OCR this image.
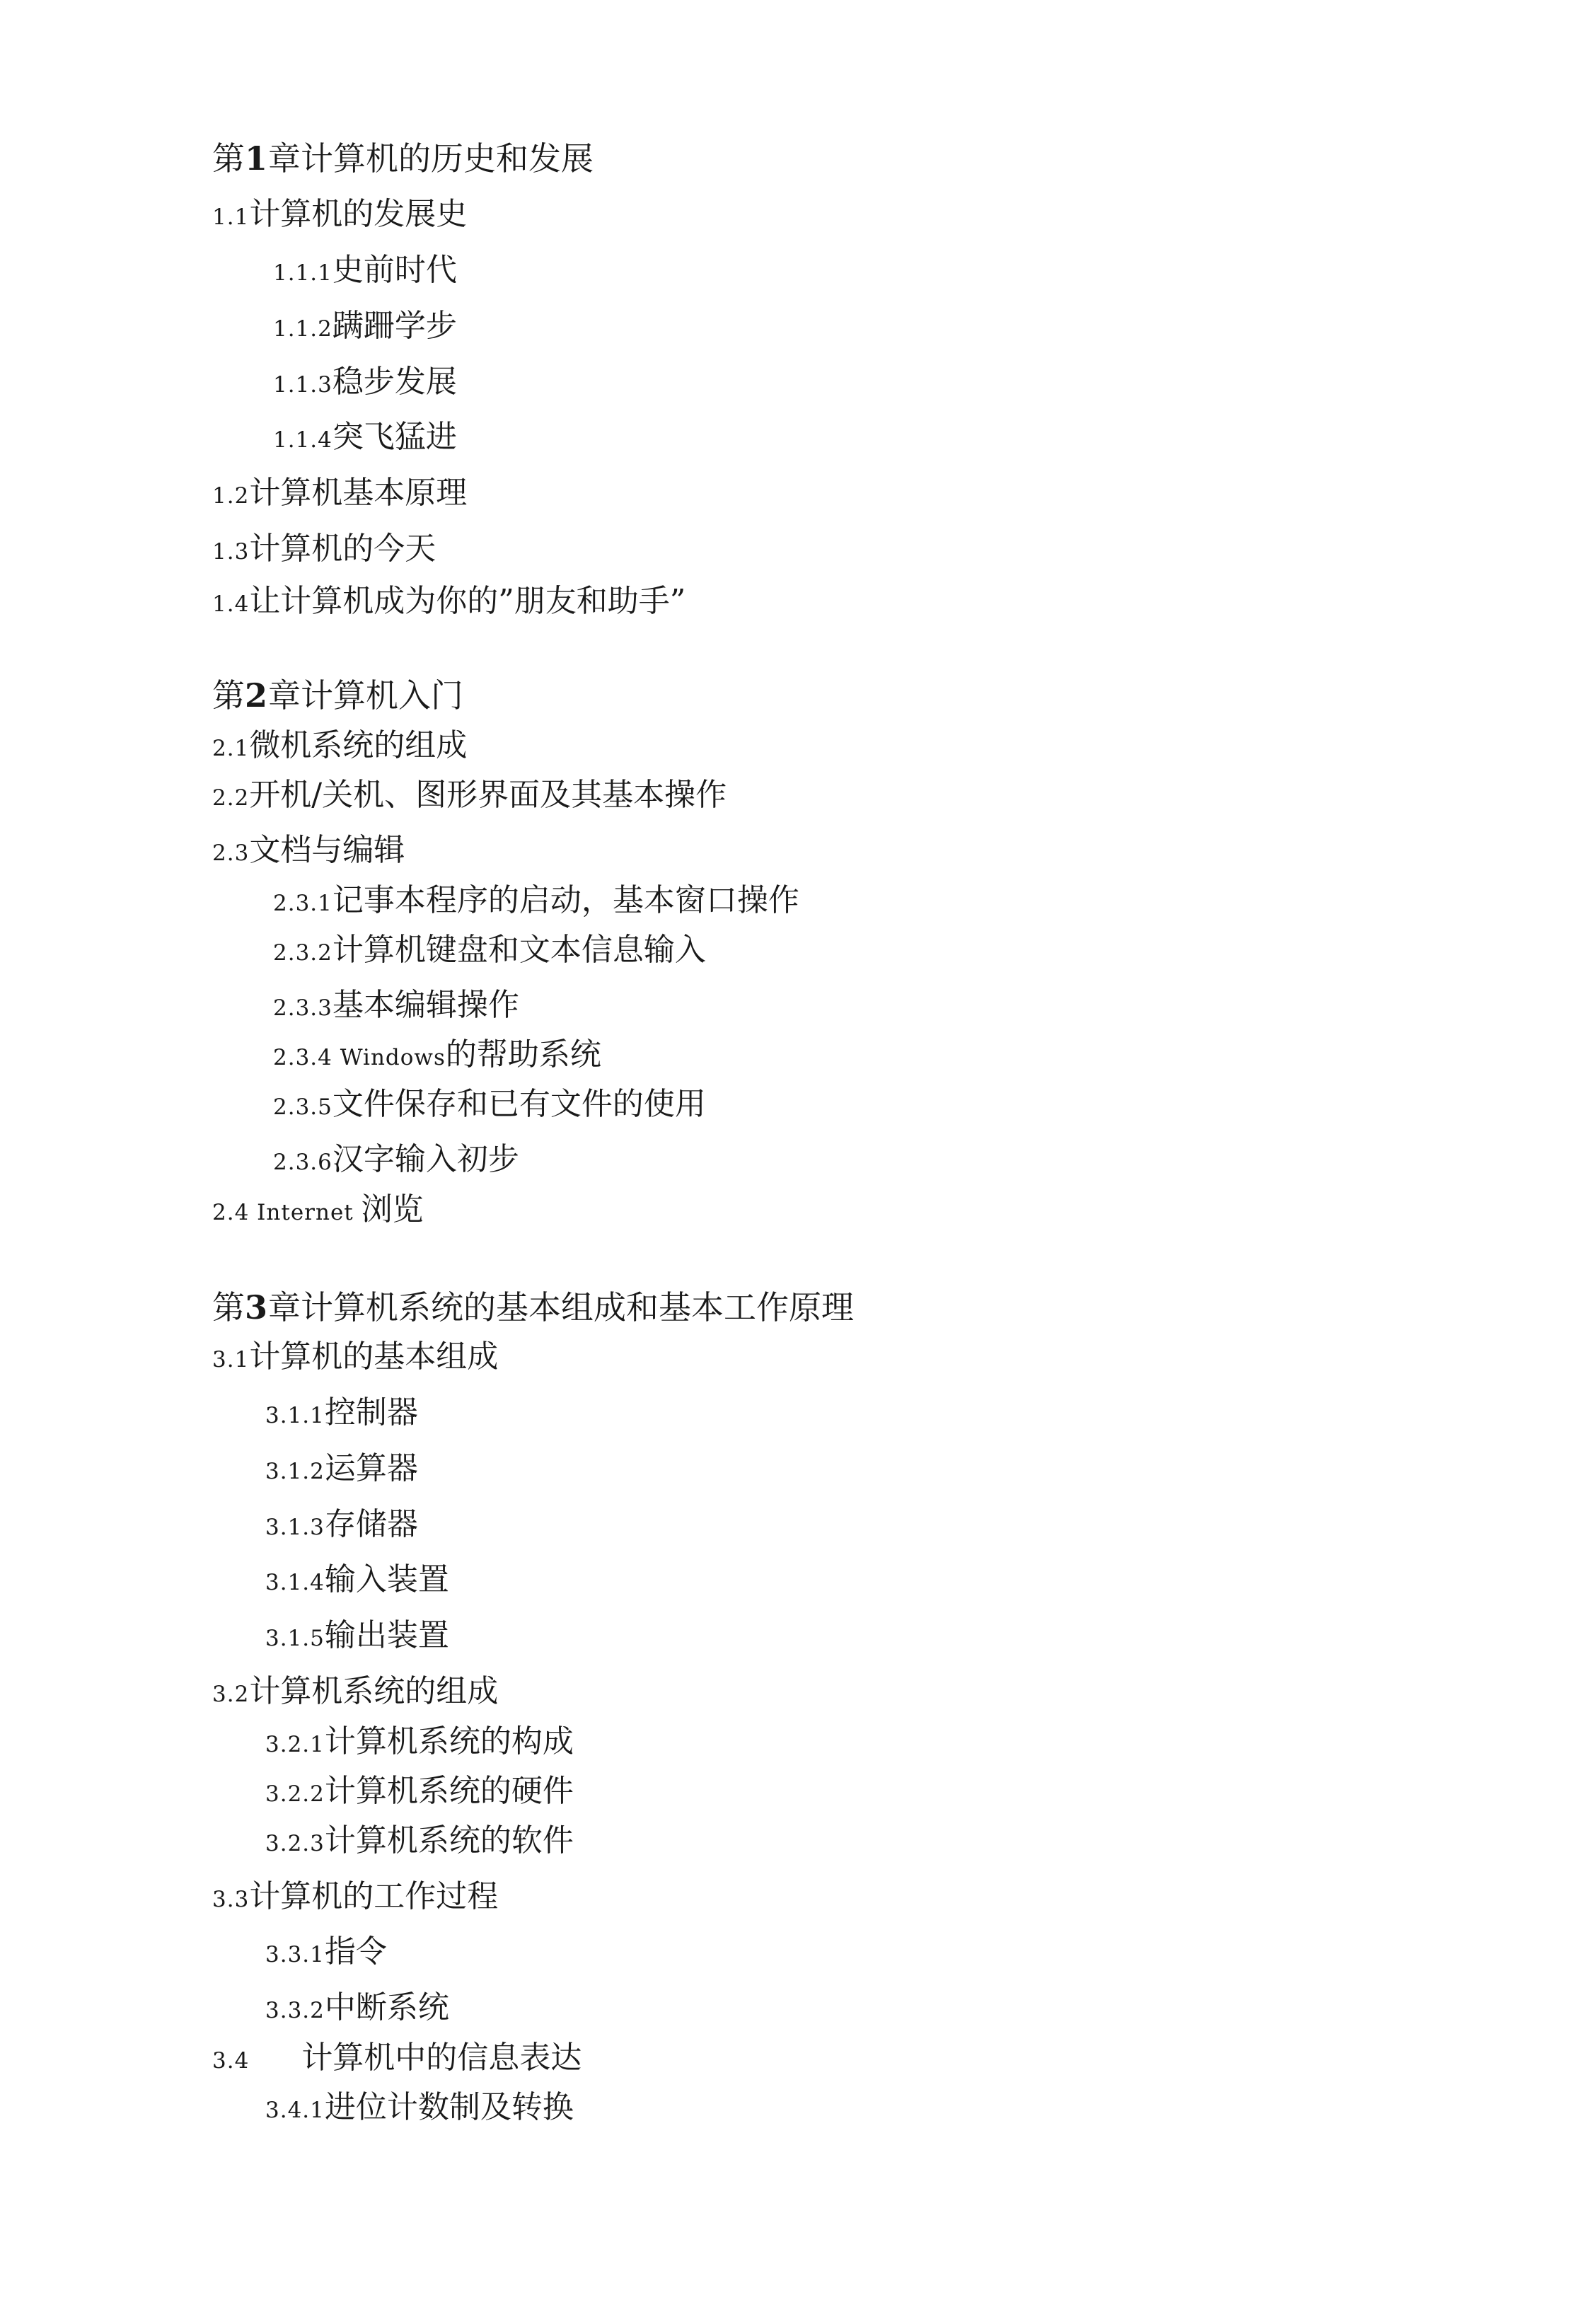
第1章计算机的历史和发展
1.1计算机的发展史
1.1.1史前时代
1.1.2蹒跚学步
1.1.3稳步发展
1.1.4突飞猛进
1.2计算机基本原理
1.3计算机的今天
1.4让计算机成为你的”朋友和助手”
第2章计算机入门
2.1微机系统的组成
2.2开机/关机、图形界面及其基本操作
2.3文档与编辑
2.3.1记事本程序的启动，基本窗口操作
2.3.2计算机键盘和文本信息输入
2.3.3基本编辑操作
2.3.4 Windows的帮助系统
2.3.5文件保存和已有文件的使用
2.3.6汉字输入初步
2.4 Internet 浏览
第3章计算机系统的基本组成和基本工作原理
3.1计算机的基本组成
3.1.1控制器
3.1.2运算器
3.1.3存储器
3.1.4输入装置
3.1.5输出装置
3.2计算机系统的组成
3.2.1计算机系统的构成
3.2.2计算机系统的硬件
3.2.3计算机系统的软件
3.3计算机的工作过程
3.3.1指令
3.3.2中断系统
3.4 计算机中的信息表达
3.4.1进位计数制及转换
